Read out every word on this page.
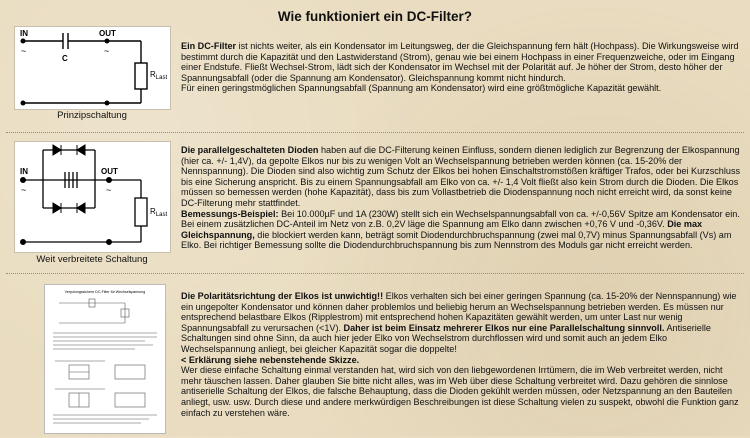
Wie funktioniert ein DC-Filter?
IN	OUT
~	~
C
$R_{Last}$
Prinzipschaltung

Ein DC-Filter ist nichts weiter, als ein Kondensator im Leitungsweg, der die Gleichspannung fern hält (Hochpass). Die Wirkungsweise wird bestimmt durch die Kapazität und den Lastwiderstand (Strom), genau wie bei einem Hochpass in einer Frequenzweiche, oder im Eingang einer Endstufe. Fließt Wechsel-Strom, lädt sich der Kondensator im Wechsel mit der Polarität auf. Je höher der Strom, desto höher der Spannungsabfall (oder die Spannung am Kondensator). Gleichspannung kommt nicht hindurch.

Für einen geringstmöglichen Spannungsabfall (Spannung am Kondensator) wird eine größtmögliche Kapazität gewählt.

IN	OUT
~	~
$R_{Last}$
Weit verbreitete Schaltung

Die parallelgeschalteten Dioden haben auf die DC-Filterung keinen Einfluss, sondern dienen lediglich zur Begrenzung der Elkospannung (hier ca. +/- 1,4V), da gepolte Elkos nur bis zu wenigen Volt an Wechselspannung betrieben werden können (ca. 15-20% der Nennspannung). Die Dioden sind also wichtig zum Schutz der Elkos bei hohen Einschaltstromstößen kräftiger Trafos, oder bei Kurzschluss bis eine Sicherung anspricht. Bis zu einem Spannungsabfall am Elko von ca. +/- 1,4 Volt fließt also kein Strom durch die Dioden. Die Elkos müssen so bemessen werden (hohe Kapazität), dass bis zum Vollastbetrieb die Diodenspannung noch nicht erreicht wird, da sonst keine DC-Filterung mehr stattfindet.

Bemessungs-Beispiel: Bei 10.000µF und 1A (230W) stellt sich ein Wechselspannungsabfall von ca. +/-0,56V Spitze am Kondensator ein. Bei einem zusätzlichen DC-Anteil im Netz von z.B. 0,2V läge die Spannung am Elko dann zwischen +0,76 V und -0,36V. Die max Gleichspannung, die blockiert werden kann, beträgt somit Diodendurchbruchspannung (zwei mal 0,7V) minus Spannungsabfall (Vs) am Elko. Bei richtiger Bemessung sollte die Diodendurchbruchspannung bis zum Nennstrom des Moduls gar nicht erreicht werden.

Verpolungssichere DC-Filter für Wechselspannung	Die Polaritätsrichtung der Elkos ist unwichtig!! Elkos verhalten sich bei einer geringen Spannung (ca. 15-20% der Nennspannung) wie ein ungepolter Kondensator und können daher problemlos und beliebig herum an Wechselspannung betrieben werden. Es müssen nur entsprechend belastbare Elkos (Ripplestrom) mit entsprechend hohen Kapazitäten gewählt werden, um unter Last nur wenig Spannungsabfall zu verursachen (<1V). Daher ist beim Einsatz mehrerer Elkos nur eine Parallelschaltung sinnvoll. Antiserielle Schaltungen sind ohne Sinn, da auch hier jeder Elko von Wechselstrom durchflossen wird und somit auch an jedem Elko Wechselspannung anliegt, bei gleicher Kapazität sogar die doppelte!

< Erklärung siehe nebenstehende Skizze.

Wer diese einfache Schaltung einmal verstanden hat, wird sich von den liebgewordenen Irrtümern, die im Web verbreitet werden, nicht mehr täuschen lassen. Daher glauben Sie bitte nicht alles, was im Web über diese Schaltung verbreitet wird. Dazu gehören die sinnlose antiserielle Schaltung der Elkos, die falsche Behauptung, dass die Dioden gekühlt werden müssen, oder Netzspannung an den Bauteilen anliegt, usw. usw. Durch diese und andere merkwürdigen Beschreibungen ist diese Schaltung vielen zu suspekt, obwohl die Funktion ganz einfach zu verstehen wäre.
